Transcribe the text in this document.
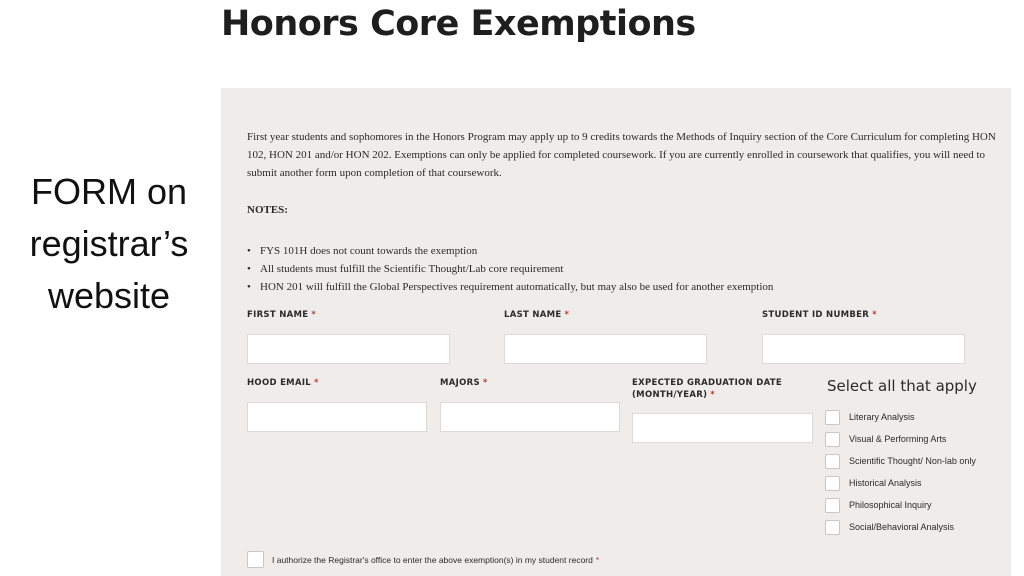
Honors Core Exemptions
FORM on
registrar’s
website

First year students and sophomores in the Honors Program may apply up to 9 credits towards the Methods of Inquiry section of the Core Curriculum for completing HON 102, HON 201 and/or HON 202. Exemptions can only be applied for completed coursework. If you are currently enrolled in coursework that qualifies, you will need to submit another form upon completion of that coursework.

NOTES:

• FYS 101H does not count towards the exemption
• All students must fulfill the Scientific Thought/Lab core requirement
• HON 201 will fulfill the Global Perspectives requirement automatically, but may also be used for another exemption
FIRST NAME *	LAST NAME *	STUDENT ID NUMBER *
HOOD EMAIL *	MAJORS *	EXPECTED GRADUATION DATE
(MONTH/YEAR) *	Select all that apply
Literary Analysis
Visual & Performing Arts
Scientific Thought/ Non-lab only
Historical Analysis
Philosophical Inquiry
Social/Behavioral Analysis
I authorize the Registrar's office to enter the above exemption(s) in my student record *
